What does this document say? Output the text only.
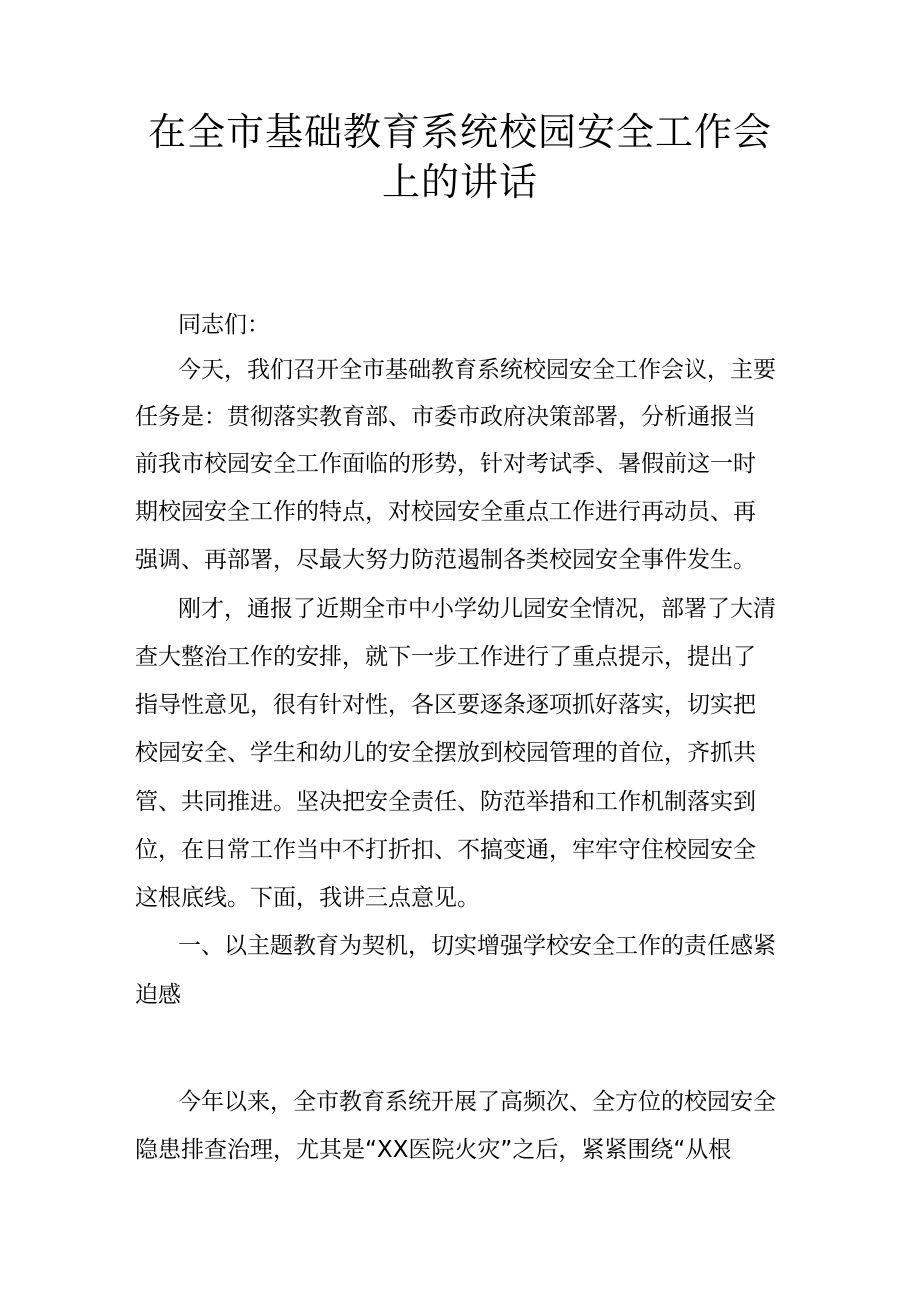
在全市基础教育系统校园安全工作会
上的讲话

同志们：

今天，我们召开全市基础教育系统校园安全工作会议，主要

任务是：贯彻落实教育部、市委市政府决策部署，分析通报当

前我市校园安全工作面临的形势，针对考试季、暑假前这一时

期校园安全工作的特点，对校园安全重点工作进行再动员、再

强调、再部署，尽最大努力防范遏制各类校园安全事件发生。

刚才，通报了近期全市中小学幼儿园安全情况，部署了大清

查大整治工作的安排，就下一步工作进行了重点提示，提出了

指导性意见，很有针对性，各区要逐条逐项抓好落实，切实把

校园安全、学生和幼儿的安全摆放到校园管理的首位，齐抓共

管、共同推进。坚决把安全责任、防范举措和工作机制落实到

位，在日常工作当中不打折扣、不搞变通，牢牢守住校园安全

这根底线。下面，我讲三点意见。

一、以主题教育为契机，切实增强学校安全工作的责任感紧

迫感

今年以来，全市教育系统开展了高频次、全方位的校园安全

隐患排查治理，尤其是“XX医院火灾”之后，紧紧围绕“从根
